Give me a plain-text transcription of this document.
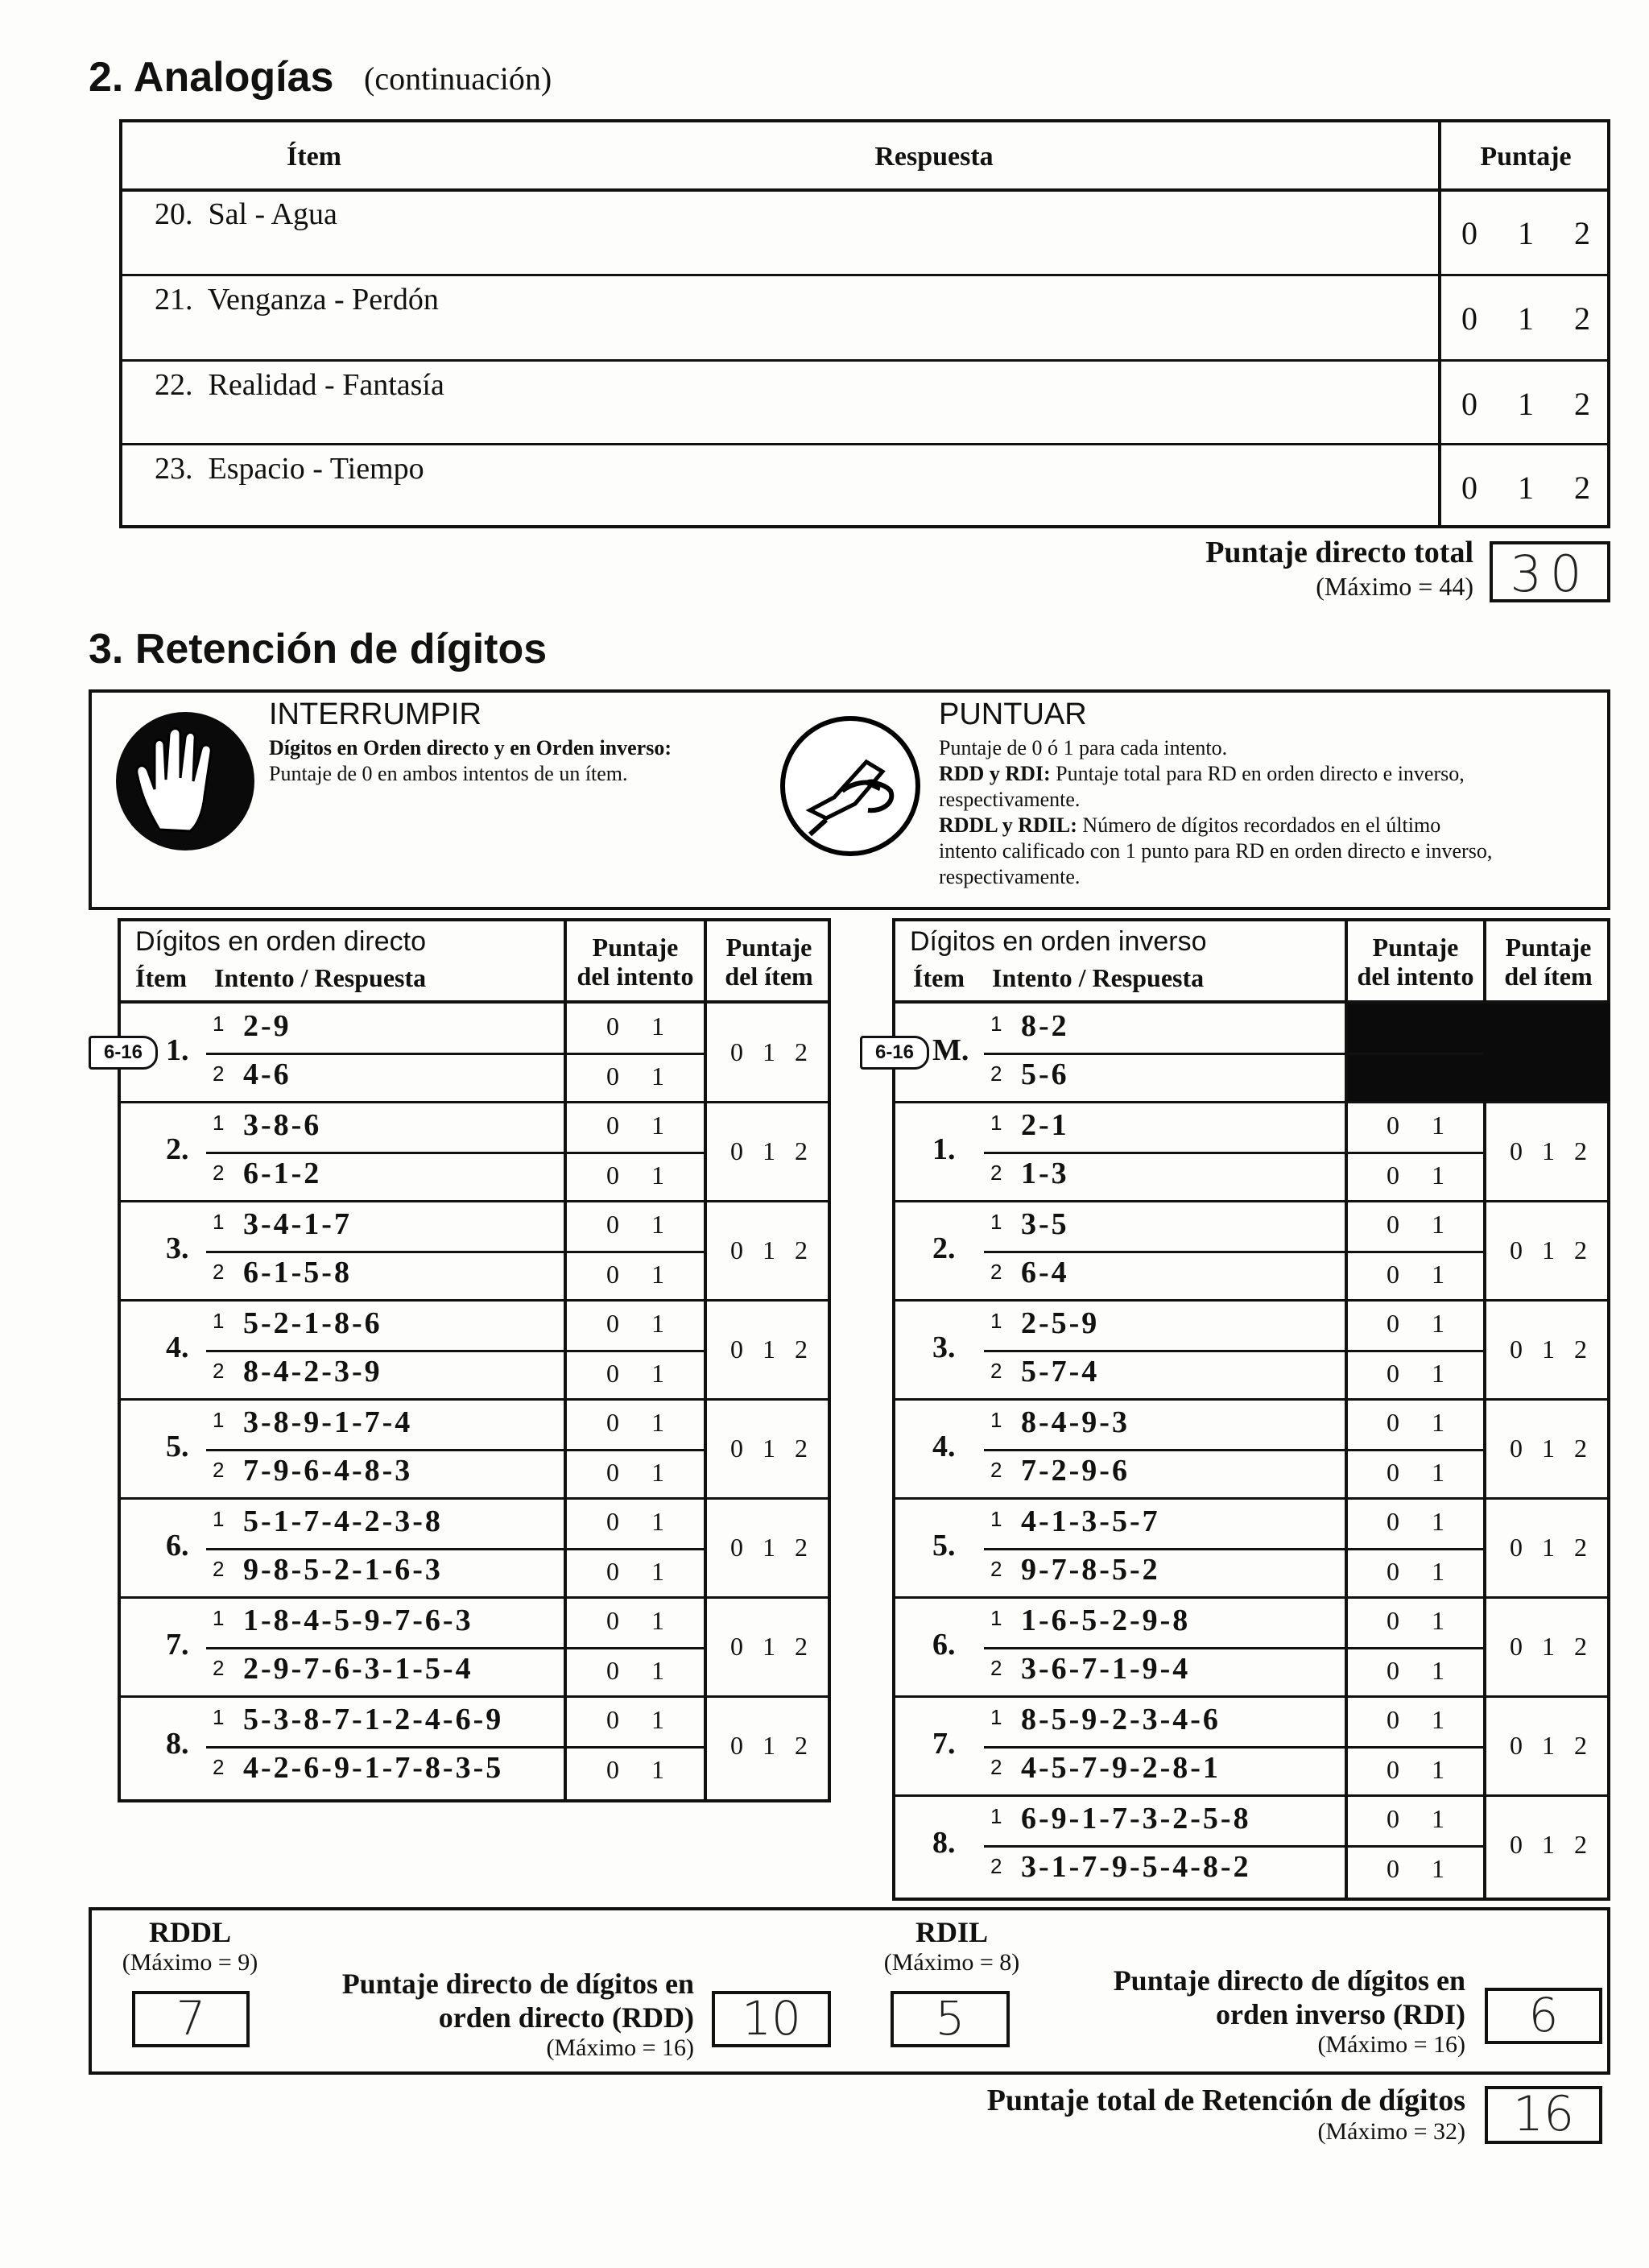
2. Analogías (continuación)
Ítem	Respuesta	Puntaje
20.  Sal - Agua
0     1     2
21.  Venganza - Perdón
0     1     2
22.  Realidad - Fantasía
0     1     2
23.  Espacio - Tiempo
0     1     2
Puntaje directo total
(Máximo = 44) 30
3. Retención de dígitos
INTERRUMPIR
Dígitos en Orden directo y en Orden inverso:
Puntaje de 0 en ambos intentos de un ítem.
PUNTUAR
Puntaje de 0 ó 1 para cada intento.
RDD y RDI: Puntaje total para RD en orden directo e inverso,
respectivamente.
RDDL y RDIL: Número de dígitos recordados en el último
intento calificado con 1 punto para RD en orden directo e inverso,
respectivamente.
Dígitos en orden directo
Ítem Intento / Respuesta
Puntaje
del intento
Puntaje
del ítem
6-16 1.
1 2-9
2 4-6
0     1
0     1
0   1   2
2.
1 3-8-6
2 6-1-2
0     1
0     1
0   1   2
3.
1 3-4-1-7
2 6-1-5-8
0     1
0     1
0   1   2
4.
1 5-2-1-8-6
2 8-4-2-3-9
0     1
0     1
0   1   2
5.
1 3-8-9-1-7-4
2 7-9-6-4-8-3
0     1
0     1
0   1   2
6.
1 5-1-7-4-2-3-8
2 9-8-5-2-1-6-3
0     1
0     1
0   1   2
7.
1 1-8-4-5-9-7-6-3
2 2-9-7-6-3-1-5-4
0     1
0     1
0   1   2
8.
1 5-3-8-7-1-2-4-6-9
2 4-2-6-9-1-7-8-3-5
0     1
0     1
0   1   2
Dígitos en orden inverso
Ítem Intento / Respuesta
Puntaje
del intento
Puntaje
del ítem
6-16 M.
1 8-2
2 5-6
1.
1 2-1
2 1-3
0     1
0     1
0   1   2
2.
1 3-5
2 6-4
0     1
0     1
0   1   2
3.
1 2-5-9
2 5-7-4
0     1
0     1
0   1   2
4.
1 8-4-9-3
2 7-2-9-6
0     1
0     1
0   1   2
5.
1 4-1-3-5-7
2 9-7-8-5-2
0     1
0     1
0   1   2
6.
1 1-6-5-2-9-8
2 3-6-7-1-9-4
0     1
0     1
0   1   2
7.
1 8-5-9-2-3-4-6
2 4-5-7-9-2-8-1
0     1
0     1
0   1   2
8.
1 6-9-1-7-3-2-5-8
2 3-1-7-9-5-4-8-2
0     1
0     1
0   1   2
RDDL
(Máximo = 9)
7
Puntaje directo de dígitos en
orden directo (RDD)
(Máximo = 16)
10
RDIL
(Máximo = 8)
5
Puntaje directo de dígitos en
orden inverso (RDI)
(Máximo = 16)
6
Puntaje total de Retención de dígitos
(Máximo = 32) 16
